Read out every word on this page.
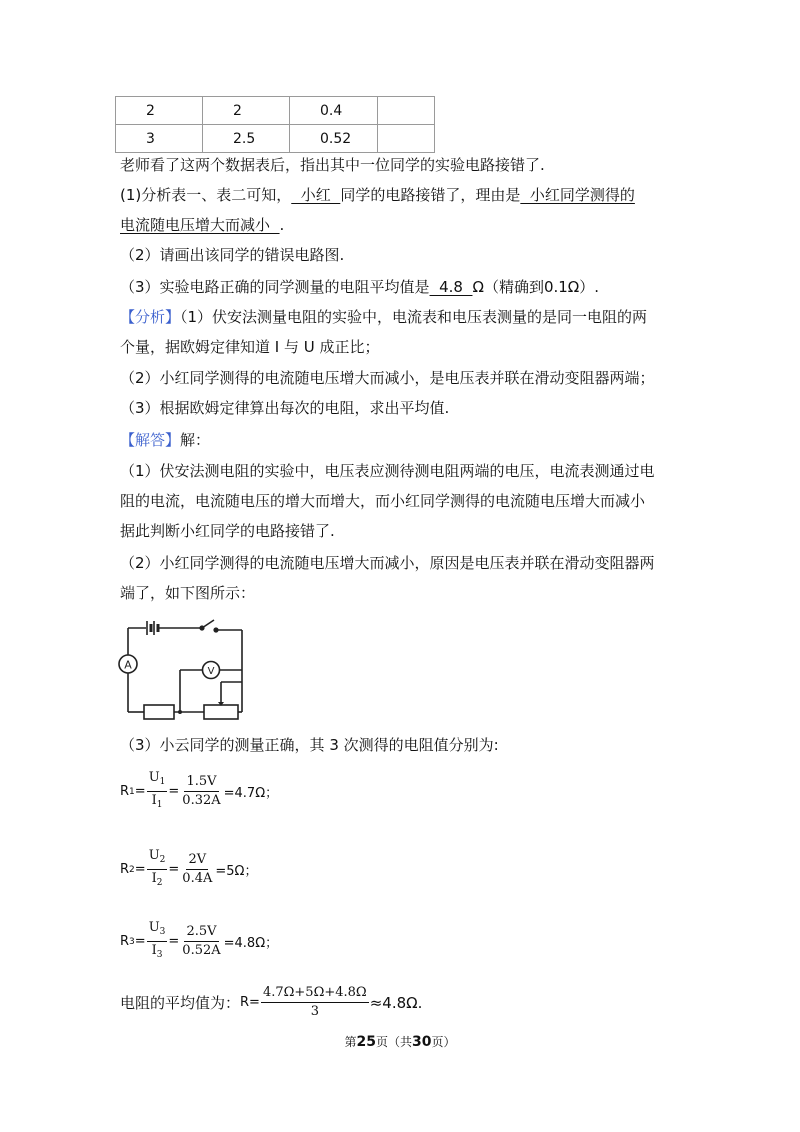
2	2	0.4	
3	2.5	0.52	
老师看了这两个数据表后，指出其中一位同学的实验电路接错了.
(1)分析表一、表二可知，  小红  同学的电路接错了，理由是  小红同学测得的
电流随电压增大而减小  .
（2）请画出该同学的错误电路图.
（3）实验电路正确的同学测量的电阻平均值是  4.8  Ω（精确到0.1Ω）.
【分析】（1）伏安法测量电阻的实验中，电流表和电压表测量的是同一电阻的两
个量，据欧姆定律知道 I 与 U 成正比；
（2）小红同学测得的电流随电压增大而减小，是电压表并联在滑动变阻器两端；
（3）根据欧姆定律算出每次的电阻，求出平均值.
【解答】解：
（1）伏安法测电阻的实验中，电压表应测待测电阻两端的电压，电流表测通过电
阻的电流，电流随电压的增大而增大，而小红同学测得的电流随电压增大而减小
据此判断小红同学的电路接错了.
（2）小红同学测得的电流随电压增大而减小，原因是电压表并联在滑动变阻器两
端了，如下图所示：
A	V
（3）小云同学的测量正确，其 3 次测得的电阻值分别为:
R $1 = \frac{U_1}{I_1} = \frac{1.5V}{0.32A} =4.7\Omega$；
R $2 = \frac{U_2}{I_2} = \frac{2V}{0.4A} =5\Omega$；
R $3 = \frac{U_3}{I_3} = \frac{2.5V}{0.52A} =4.8\Omega$；
电阻的平均值为： $R= \frac{4.7\Omega+5\Omega+4.8\Omega}{3} \approx 4.8\Omega$.
第25页（共30页）
